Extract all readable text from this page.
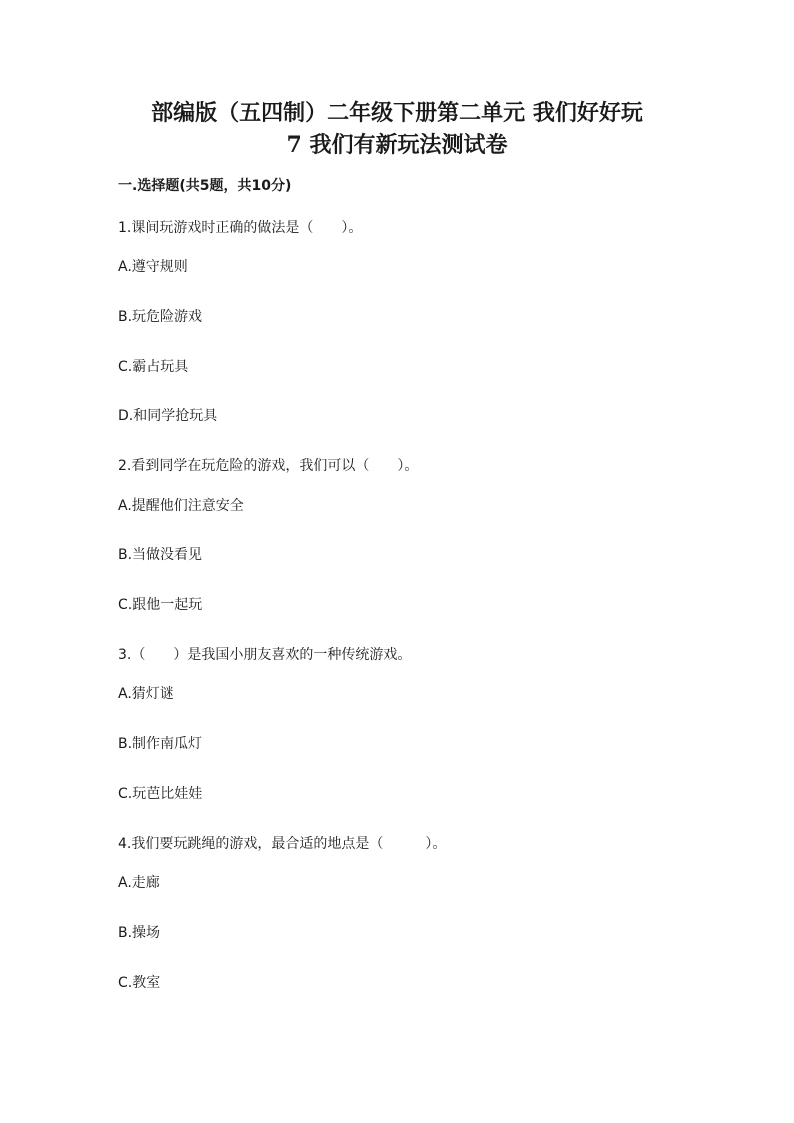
部编版（五四制）二年级下册第二单元 我们好好玩
7 我们有新玩法测试卷
一.选择题(共5题，共10分)
1.课间玩游戏时正确的做法是（　　）。
A.遵守规则
B.玩危险游戏
C.霸占玩具
D.和同学抢玩具
2.看到同学在玩危险的游戏，我们可以（　　）。
A.提醒他们注意安全
B.当做没看见
C.跟他一起玩
3.（　　）是我国小朋友喜欢的一种传统游戏。
A.猜灯谜
B.制作南瓜灯
C.玩芭比娃娃
4.我们要玩跳绳的游戏，最合适的地点是（　　　）。
A.走廊
B.操场
C.教室
